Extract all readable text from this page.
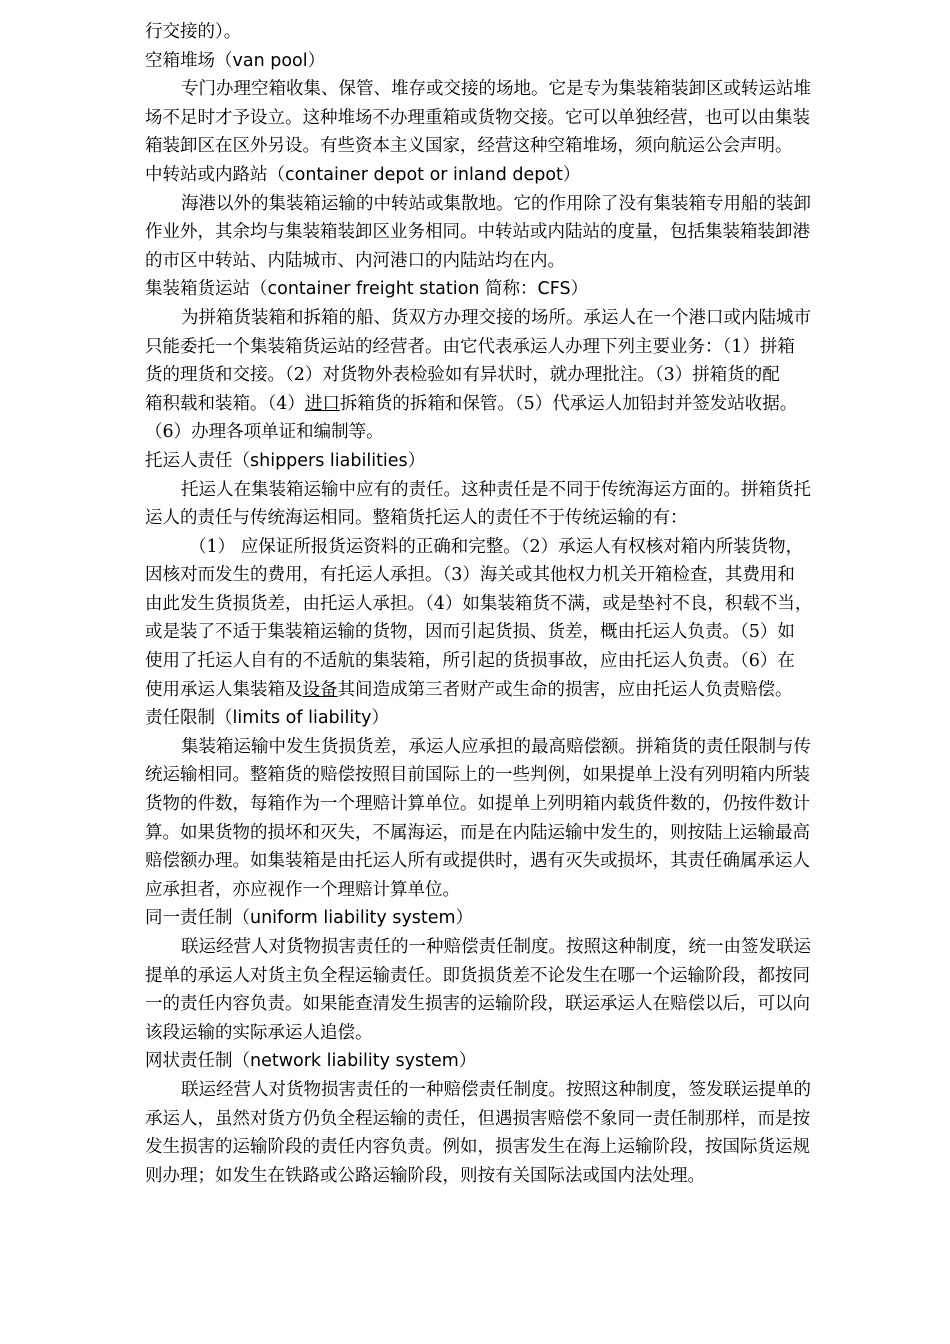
行交接的）。
空箱堆场（van pool）
专门办理空箱收集、保管、堆存或交接的场地。它是专为集装箱装卸区或转运站堆
场不足时才予设立。这种堆场不办理重箱或货物交接。它可以单独经营，也可以由集装
箱装卸区在区外另设。有些资本主义国家，经营这种空箱堆场，须向航运公会声明。
中转站或内路站（container depot or inland depot）
海港以外的集装箱运输的中转站或集散地。它的作用除了没有集装箱专用船的装卸
作业外，其余均与集装箱装卸区业务相同。中转站或内陆站的度量，包括集装箱装卸港
的市区中转站、内陆城市、内河港口的内陆站均在内。
集装箱货运站（container freight station 简称：CFS）
为拼箱货装箱和拆箱的船、货双方办理交接的场所。承运人在一个港口或内陆城市
只能委托一个集装箱货运站的经营者。由它代表承运人办理下列主要业务：（1）拼箱
货的理货和交接。（2）对货物外表检验如有异状时，就办理批注。（3）拼箱货的配
箱积载和装箱。（4）进口拆箱货的拆箱和保管。（5）代承运人加铅封并签发站收据。
（6）办理各项单证和编制等。
托运人责任（shippers liabilities）
托运人在集装箱运输中应有的责任。这种责任是不同于传统海运方面的。拼箱货托
运人的责任与传统海运相同。整箱货托运人的责任不于传统运输的有：
（1） 应保证所报货运资料的正确和完整。（2）承运人有权核对箱内所装货物，
因核对而发生的费用，有托运人承担。（3）海关或其他权力机关开箱检查，其费用和
由此发生货损货差，由托运人承担。（4）如集装箱货不满，或是垫衬不良，积载不当，
或是装了不适于集装箱运输的货物，因而引起货损、货差，概由托运人负责。（5）如
使用了托运人自有的不适航的集装箱，所引起的货损事故，应由托运人负责。（6）在
使用承运人集装箱及设备其间造成第三者财产或生命的损害，应由托运人负责赔偿。
责任限制（limits of liability）
集装箱运输中发生货损货差，承运人应承担的最高赔偿额。拼箱货的责任限制与传
统运输相同。整箱货的赔偿按照目前国际上的一些判例，如果提单上没有列明箱内所装
货物的件数，每箱作为一个理赔计算单位。如提单上列明箱内载货件数的，仍按件数计
算。如果货物的损坏和灭失，不属海运，而是在内陆运输中发生的，则按陆上运输最高
赔偿额办理。如集装箱是由托运人所有或提供时，遇有灭失或损坏，其责任确属承运人
应承担者，亦应视作一个理赔计算单位。
同一责任制（uniform liability system）
联运经营人对货物损害责任的一种赔偿责任制度。按照这种制度，统一由签发联运
提单的承运人对货主负全程运输责任。即货损货差不论发生在哪一个运输阶段，都按同
一的责任内容负责。如果能查清发生损害的运输阶段，联运承运人在赔偿以后，可以向
该段运输的实际承运人追偿。
网状责任制（network liability system）
联运经营人对货物损害责任的一种赔偿责任制度。按照这种制度，签发联运提单的
承运人，虽然对货方仍负全程运输的责任，但遇损害赔偿不象同一责任制那样，而是按
发生损害的运输阶段的责任内容负责。例如，损害发生在海上运输阶段，按国际货运规
则办理；如发生在铁路或公路运输阶段，则按有关国际法或国内法处理。
